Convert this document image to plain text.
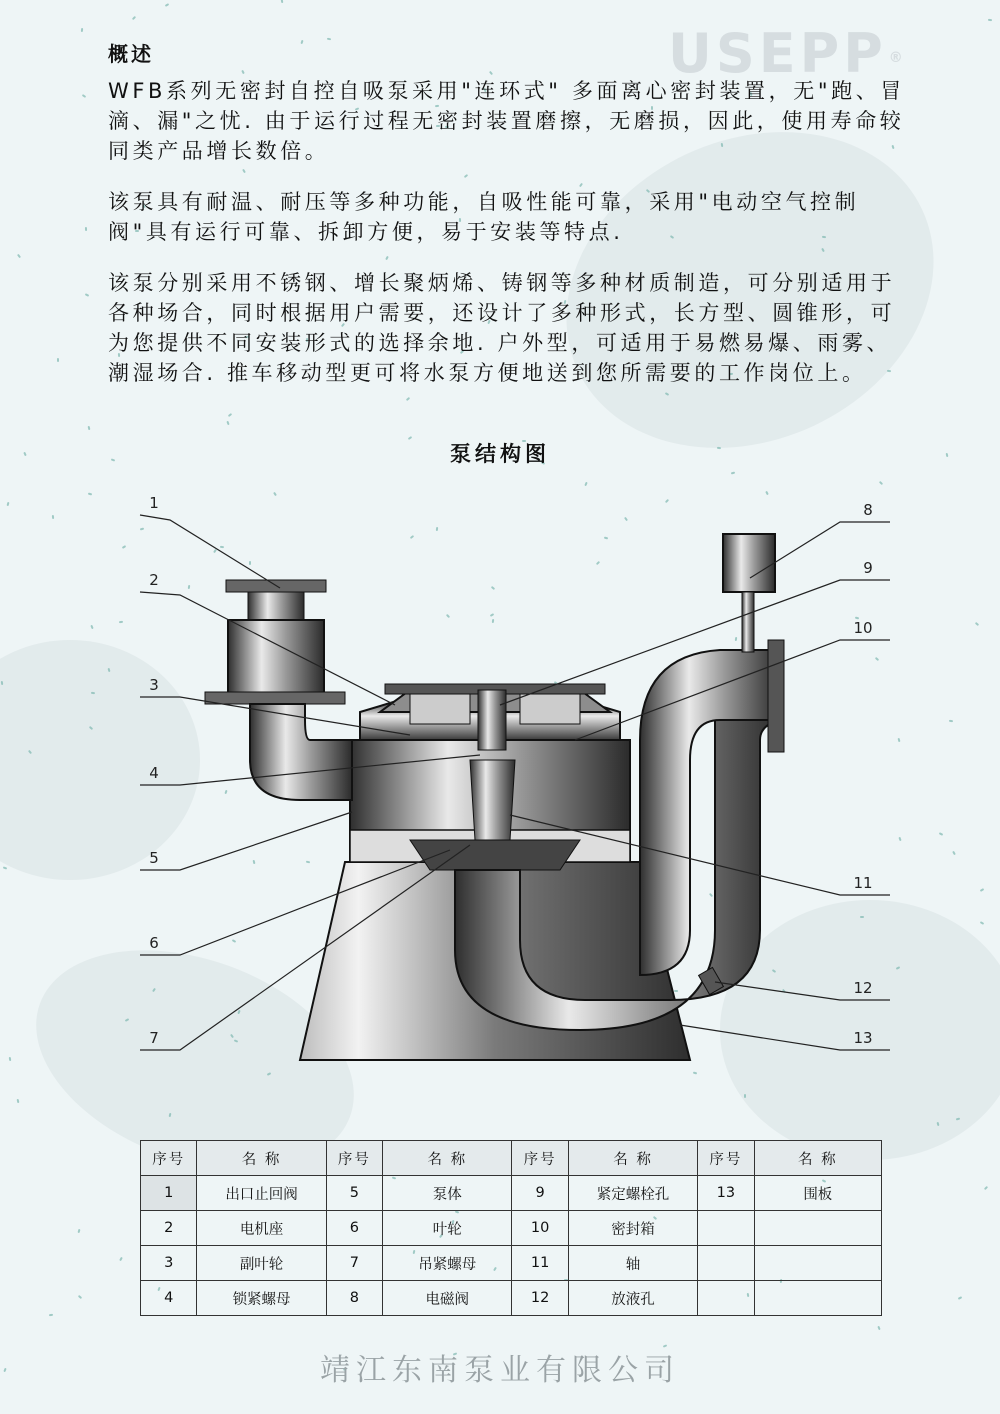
USEPP ®
概述
WFB系列无密封自控自吸泵采用"连环式" 多面离心密封装置，无"跑、冒滴、漏"之忧. 由于运行过程无密封装置磨擦，无磨损，因此，使用寿命较同类产品增长数倍。
该泵具有耐温、耐压等多种功能，自吸性能可靠，采用"电动空气控制阀"具有运行可靠、拆卸方便，易于安装等特点.
该泵分别采用不锈钢、增长聚炳烯、铸钢等多种材质制造，可分别适用于各种场合，同时根据用户需要，还设计了多种形式，长方型、圆锥形，可为您提供不同安装形式的选择余地. 户外型，可适用于易燃易爆、雨雾、潮湿场合. 推车移动型更可将水泵方便地送到您所需要的工作岗位上。
泵结构图
1
2
3
4
5
6
7
8
9
10
11
12
13
序号	名 称	序号	名 称	序号	名 称	序号	名 称
1	出口止回阀	5	泵体	9	紧定螺栓孔	13	围板
2	电机座	6	叶轮	10	密封箱		
3	副叶轮	7	吊紧螺母	11	轴		
4	锁紧螺母	8	电磁阀	12	放液孔		
靖江东南泵业有限公司
